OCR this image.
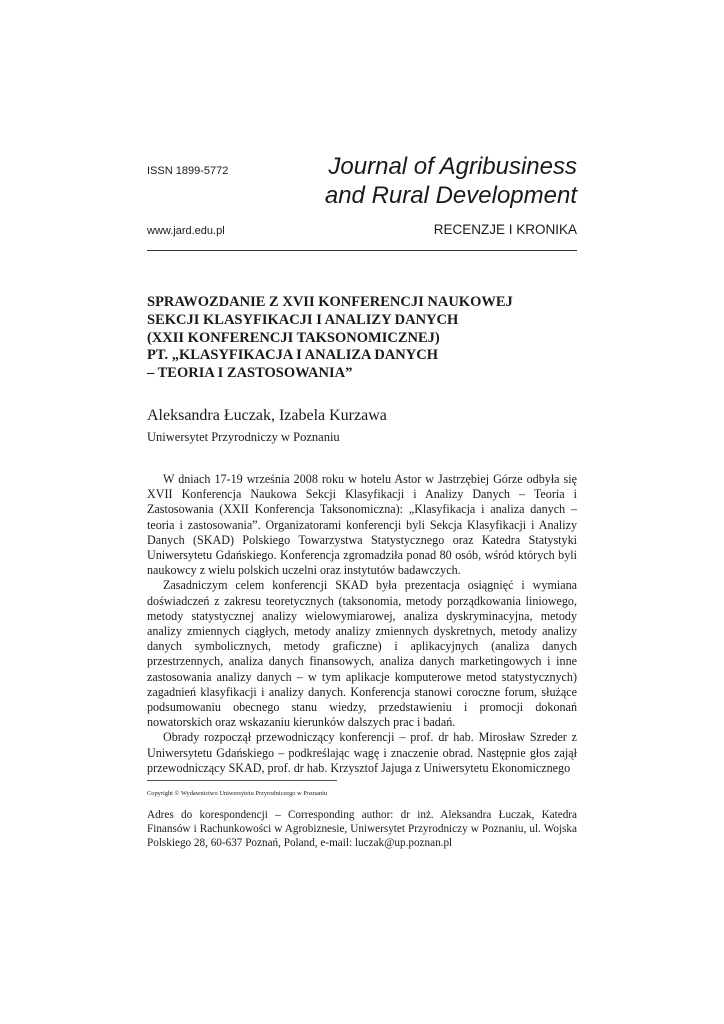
ISSN 1899-5772	Journal of Agribusiness
and Rural Development
www.jard.edu.pl	RECENZJE I KRONIKA
SPRAWOZDANIE Z XVII KONFERENCJI NAUKOWEJ
SEKCJI KLASYFIKACJI I ANALIZY DANYCH
(XXII KONFERENCJI TAKSONOMICZNEJ)
PT. „KLASYFIKACJA I ANALIZA DANYCH
– TEORIA I ZASTOSOWANIA”
Aleksandra Łuczak, Izabela Kurzawa
Uniwersytet Przyrodniczy w Poznaniu

W dniach 17-19 września 2008 roku w hotelu Astor w Jastrzębiej Górze odbyła się XVII Konferencja Naukowa Sekcji Klasyfikacji i Analizy Danych – Teoria i Zastosowania (XXII Konferencja Taksonomiczna): „Klasyfikacja i analiza danych – teoria i zastosowania”. Organizatorami konferencji byli Sekcja Klasyfikacji i Analizy Danych (SKAD) Polskiego Towarzystwa Statystycznego oraz Katedra Statystyki Uniwersytetu Gdańskiego. Konferencja zgromadziła ponad 80 osób, wśród których byli naukowcy z wielu polskich uczelni oraz instytutów badawczych.

Zasadniczym celem konferencji SKAD była prezentacja osiągnięć i wymiana doświadczeń z zakresu teoretycznych (taksonomia, metody porządkowania liniowego, metody statystycznej analizy wielowymiarowej, analiza dyskryminacyjna, metody analizy zmiennych ciągłych, metody analizy zmiennych dyskretnych, metody analizy danych symbolicznych, metody graficzne) i aplikacyjnych (analiza danych przestrzennych, analiza danych finansowych, analiza danych marketingowych i inne zastosowania analizy danych – w tym aplikacje komputerowe metod statystycznych) zagadnień klasyfikacji i analizy danych. Konferencja stanowi coroczne forum, służące podsumowaniu obecnego stanu wiedzy, przedstawieniu i promocji dokonań nowatorskich oraz wskazaniu kierunków dalszych prac i badań.

Obrady rozpoczął przewodniczący konferencji – prof. dr hab. Mirosław Szreder z Uniwersytetu Gdańskiego – podkreślając wagę i znaczenie obrad. Następnie głos zajął przewodniczący SKAD, prof. dr hab. Krzysztof Jajuga z Uniwersytetu Ekonomicznego

Copyright © Wydawnictwo Uniwersytetu Przyrodniczego w Poznaniu

Adres do korespondencji – Corresponding author: dr inż. Aleksandra Łuczak, Katedra Finansów i Rachunkowości w Agrobiznesie, Uniwersytet Przyrodniczy w Poznaniu, ul. Wojska Polskiego 28, 60-637 Poznań, Poland, e-mail: luczak@up.poznan.pl
